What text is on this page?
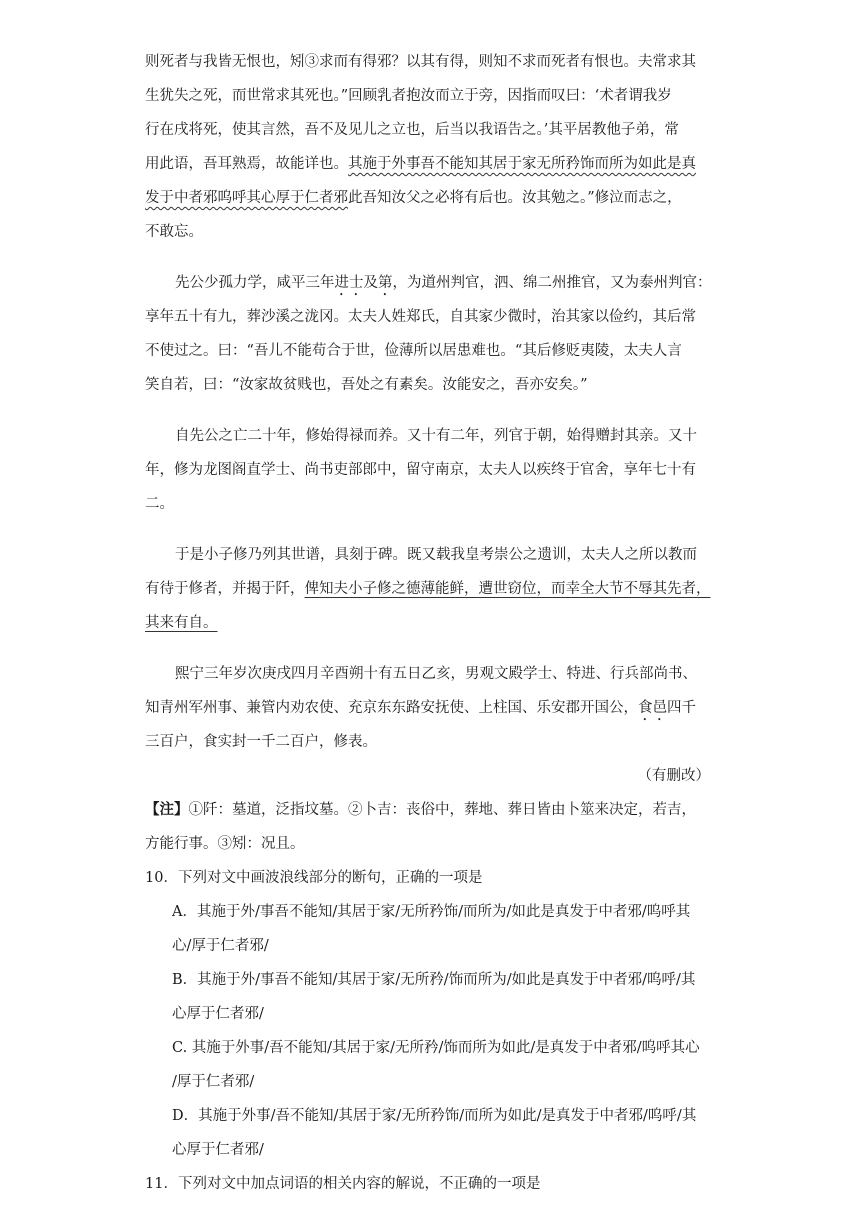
则死者与我皆无恨也，矧③求而有得邪？以其有得，则知不求而死者有恨也。夫常求其
生犹失之死，而世常求其死也。”回顾乳者抱汝而立于旁，因指而叹曰：‘术者谓我岁
行在戌将死，使其言然，吾不及见儿之立也，后当以我语告之。’其平居教他子弟，常
用此语，吾耳熟焉，故能详也。其施于外事吾不能知其居于家无所矜饰而所为如此是真
发于中者邪呜呼其心厚于仁者邪此吾知汝父之必将有后也。汝其勉之。”修泣而志之，
不敢忘。
先公少孤力学，咸平三年进士及第，为道州判官，泗、绵二州推官，又为泰州判官：
享年五十有九，葬沙溪之泷冈。太夫人姓郑氏，自其家少微时，治其家以俭约，其后常
不使过之。曰：“吾儿不能苟合于世，俭薄所以居患难也。“其后修贬夷陵，太夫人言
笑自若，曰：“汝家故贫贱也，吾处之有素矣。汝能安之，吾亦安矣。”
自先公之亡二十年，修始得禄而养。又十有二年，列官于朝，始得赠封其亲。又十
年，修为龙图阁直学士、尚书吏部郎中，留守南京，太夫人以疾终于官舍，享年七十有
二。
于是小子修乃列其世谱，具刻于碑。既又载我皇考崇公之遗训，太夫人之所以教而
有待于修者，并揭于阡，俾知夫小子修之德薄能鲜，遭世窃位，而幸全大节不辱其先者，
其来有自。
熙宁三年岁次庚戌四月辛酉朔十有五日乙亥，男观文殿学士、特进、行兵部尚书、
知青州军州事、兼管内劝农使、充京东东路安抚使、上柱国、乐安郡开国公，食邑四千
三百户，食实封一千二百户，修表。
（有删改）
【注】①阡：墓道，泛指坟墓。②卜吉：丧俗中，葬地、葬日皆由卜筮来决定，若吉，
方能行事。③矧：况且。
10．下列对文中画波浪线部分的断句，正确的一项是
A．其施于外/事吾不能知/其居于家/无所矜饰/而所为/如此是真发于中者邪/呜呼其
心/厚于仁者邪/
B．其施于外/事吾不能知/其居于家/无所矜/饰而所为/如此是真发于中者邪/呜呼/其
心厚于仁者邪/
C. 其施于外事/吾不能知/其居于家/无所矜/饰而所为如此/是真发于中者邪/呜呼其心
/厚于仁者邪/
D．其施于外事/吾不能知/其居于家/无所矜饰/而所为如此/是真发于中者邪/呜呼/其
心厚于仁者邪/
11．下列对文中加点词语的相关内容的解说，不正确的一项是
